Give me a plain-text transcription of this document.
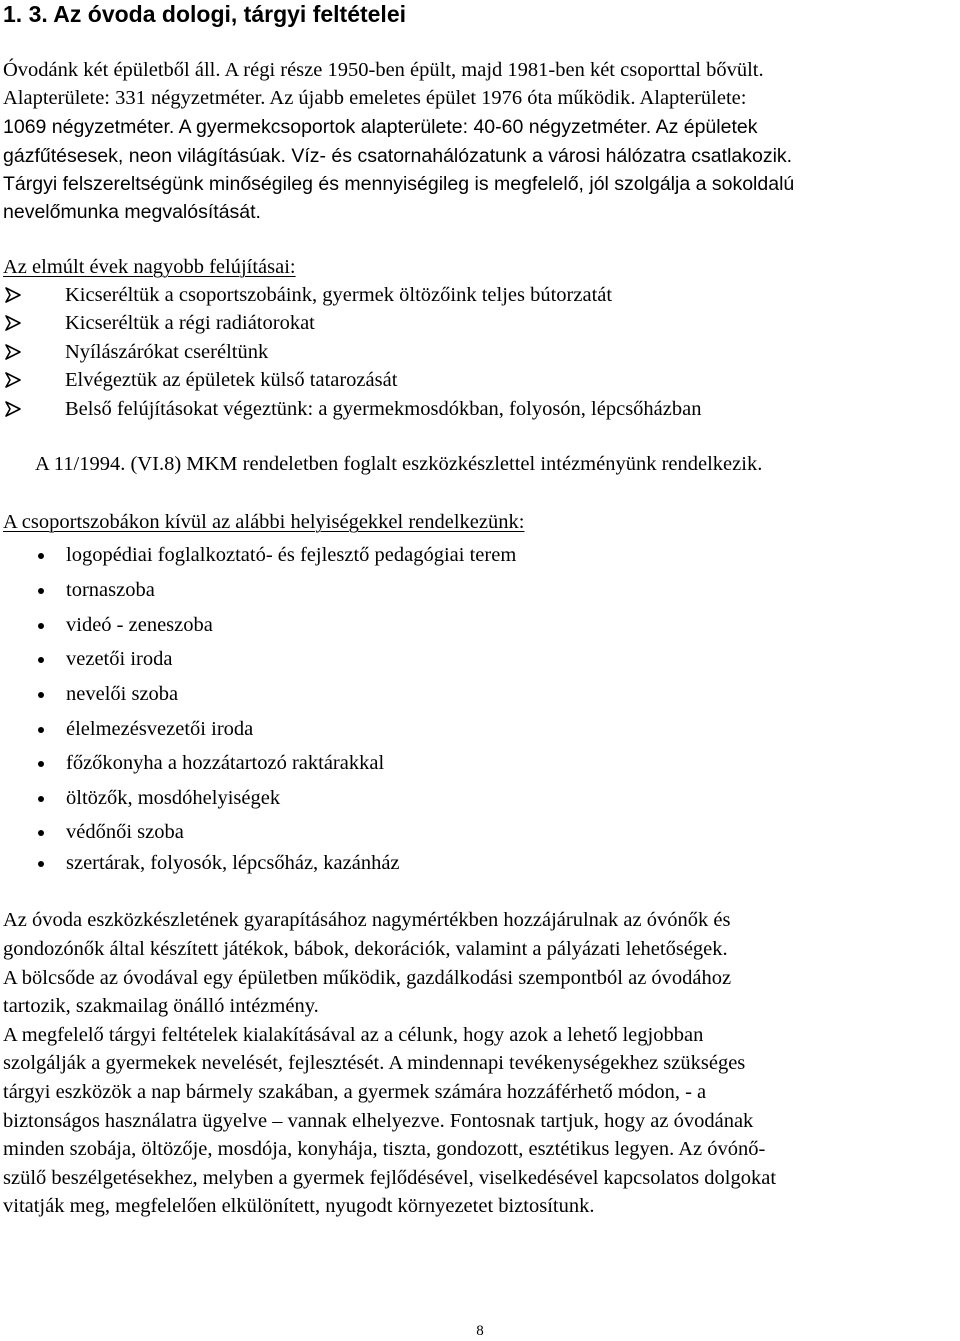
1. 3. Az óvoda dologi, tárgyi feltételei
Óvodánk két épületből áll. A régi része 1950-ben épült, majd 1981-ben két csoporttal bővült.
Alapterülete: 331 négyzetméter. Az újabb emeletes épület 1976 óta működik. Alapterülete:
1069 négyzetméter. A gyermekcsoportok alapterülete: 40-60 négyzetméter. Az épületek
gázfűtésesek, neon világításúak. Víz- és csatornahálózatunk a városi hálózatra csatlakozik.
Tárgyi felszereltségünk minőségileg és mennyiségileg is megfelelő, jól szolgálja a sokoldalú
nevelőmunka megvalósítását.
Az elmúlt évek nagyobb felújításai:
Kicseréltük a csoportszobáink, gyermek öltözőink teljes bútorzatát
Kicseréltük a régi radiátorokat
Nyílászárókat cseréltünk
Elvégeztük az épületek külső tatarozását
Belső felújításokat végeztünk: a gyermekmosdókban, folyosón, lépcsőházban
A 11/1994. (VI.8) MKM rendeletben foglalt eszközkészlettel intézményünk rendelkezik.
A csoportszobákon kívül az alábbi helyiségekkel rendelkezünk:
logopédiai foglalkoztató- és fejlesztő pedagógiai terem
tornaszoba
videó - zeneszoba
vezetői iroda
nevelői szoba
élelmezésvezetői iroda
főzőkonyha a hozzátartozó raktárakkal
öltözők, mosdóhelyiségek
védőnői szoba
szertárak, folyosók, lépcsőház, kazánház
Az óvoda eszközkészletének gyarapításához nagymértékben hozzájárulnak az óvónők és
gondozónők által készített játékok, bábok, dekorációk, valamint a pályázati lehetőségek.
A bölcsőde az óvodával egy épületben működik, gazdálkodási szempontból az óvodához
tartozik, szakmailag önálló intézmény.
A megfelelő tárgyi feltételek kialakításával az a célunk, hogy azok a lehető legjobban
szolgálják a gyermekek nevelését, fejlesztését. A mindennapi tevékenységekhez szükséges
tárgyi eszközök a nap bármely szakában, a gyermek számára hozzáférhető módon, - a
biztonságos használatra ügyelve – vannak elhelyezve. Fontosnak tartjuk, hogy az óvodának
minden szobája, öltözője, mosdója, konyhája, tiszta, gondozott, esztétikus legyen. Az óvónő-
szülő beszélgetésekhez, melyben a gyermek fejlődésével, viselkedésével kapcsolatos dolgokat
vitatják meg, megfelelően elkülönített, nyugodt környezetet biztosítunk.
8
